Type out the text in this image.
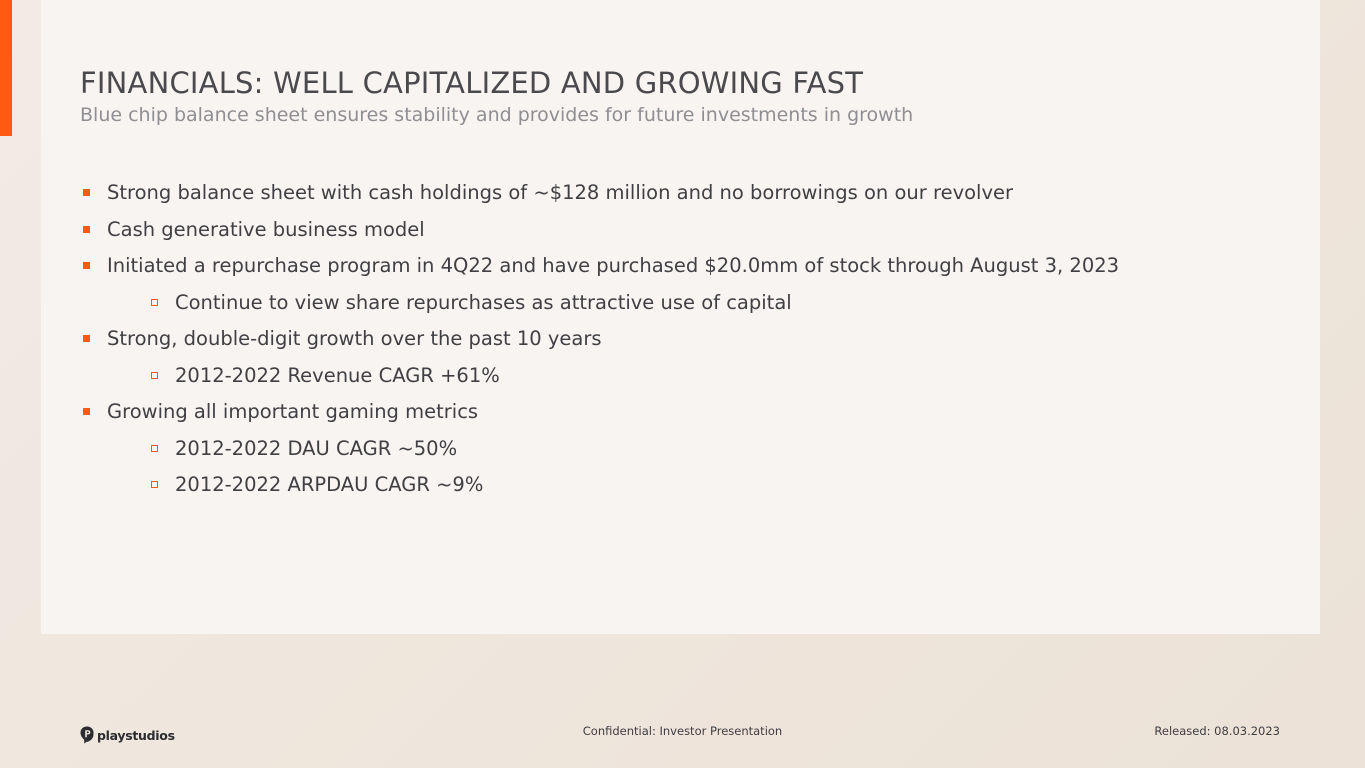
FINANCIALS: WELL CAPITALIZED AND GROWING FAST
Blue chip balance sheet ensures stability and provides for future investments in growth
Strong balance sheet with cash holdings of ~$128 million and no borrowings on our revolver
Cash generative business model
Initiated a repurchase program in 4Q22 and have purchased $20.0mm of stock through August 3, 2023
Continue to view share repurchases as attractive use of capital
Strong, double-digit growth over the past 10 years
2012-2022 Revenue CAGR +61%
Growing all important gaming metrics
2012-2022 DAU CAGR ~50%
2012-2022 ARPDAU CAGR ~9%
playstudios	Confidential: Investor Presentation	Released: 08.03.2023
